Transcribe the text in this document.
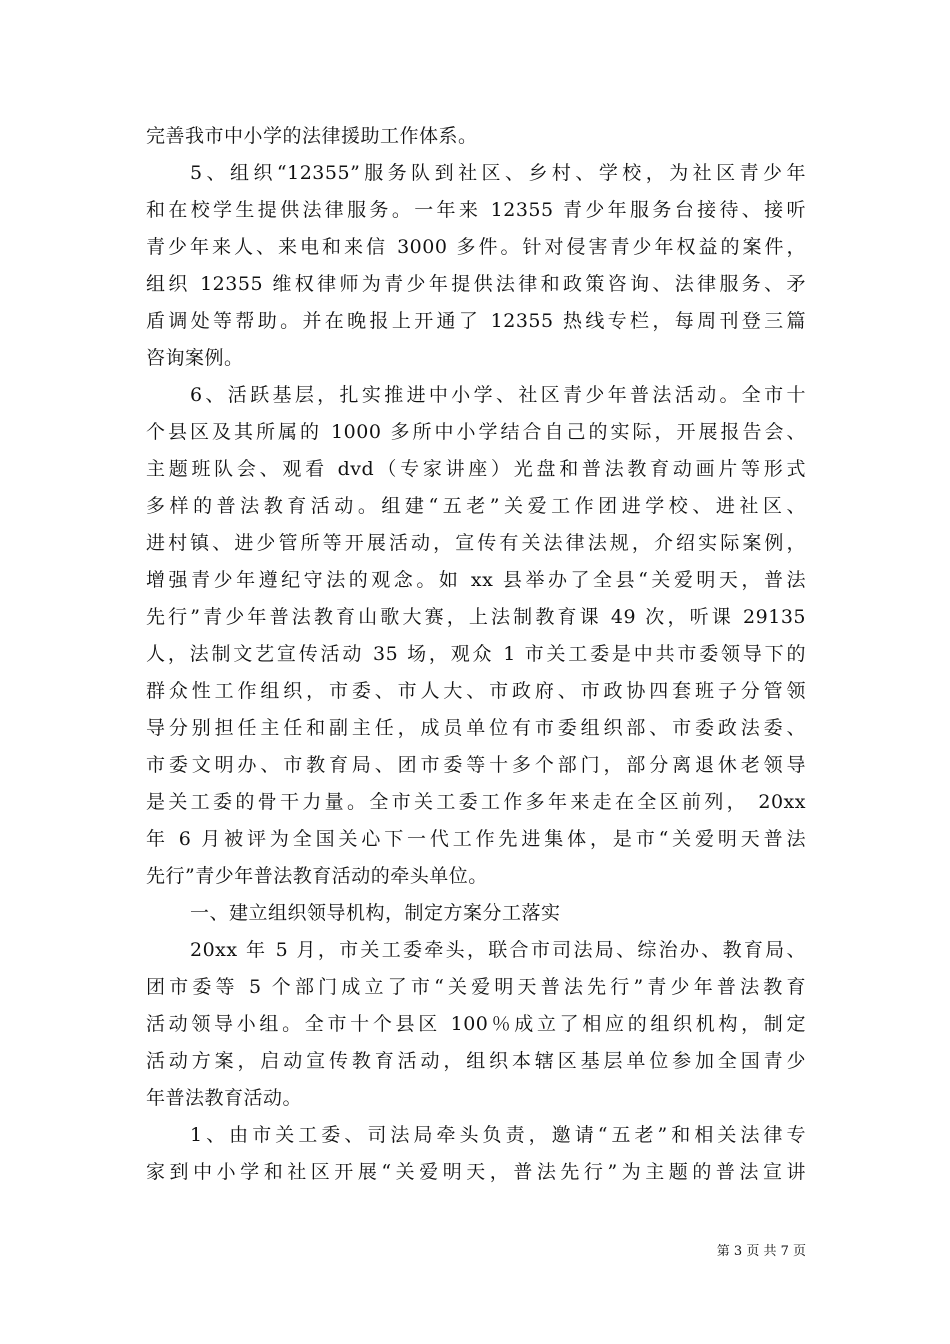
完善我市中小学的法律援助工作体系。
5、组织“12355”服务队到社区、乡村、学校，为社区青少年
和在校学生提供法律服务。一年来 12355 青少年服务台接待、接听
青少年来人、来电和来信 3000 多件。针对侵害青少年权益的案件，
组织 12355 维权律师为青少年提供法律和政策咨询、法律服务、矛
盾调处等帮助。并在晚报上开通了 12355 热线专栏，每周刊登三篇
咨询案例。
6、活跃基层，扎实推进中小学、社区青少年普法活动。全市十
个县区及其所属的 1000 多所中小学结合自己的实际，开展报告会、
主题班队会、观看 dvd（专家讲座）光盘和普法教育动画片等形式
多样的普法教育活动。组建“五老”关爱工作团进学校、进社区、
进村镇、进少管所等开展活动，宣传有关法律法规，介绍实际案例，
增强青少年遵纪守法的观念。如 xx 县举办了全县“关爱明天，普法
先行”青少年普法教育山歌大赛，上法制教育课 49 次，听课 29135
人，法制文艺宣传活动 35 场，观众 1 市关工委是中共市委领导下的
群众性工作组织，市委、市人大、市政府、市政协四套班子分管领
导分别担任主任和副主任，成员单位有市委组织部、市委政法委、
市委文明办、市教育局、团市委等十多个部门，部分离退休老领导
是关工委的骨干力量。全市关工委工作多年来走在全区前列， 20xx
年 6 月被评为全国关心下一代工作先进集体，是市“关爱明天普法
先行”青少年普法教育活动的牵头单位。
一、建立组织领导机构，制定方案分工落实
20xx 年 5 月，市关工委牵头，联合市司法局、综治办、教育局、
团市委等 5 个部门成立了市“关爱明天普法先行”青少年普法教育
活动领导小组。全市十个县区 100％成立了相应的组织机构，制定
活动方案，启动宣传教育活动，组织本辖区基层单位参加全国青少
年普法教育活动。
1、由市关工委、司法局牵头负责，邀请“五老”和相关法律专
家到中小学和社区开展“关爱明天，普法先行”为主题的普法宣讲
第 3 页 共 7 页
